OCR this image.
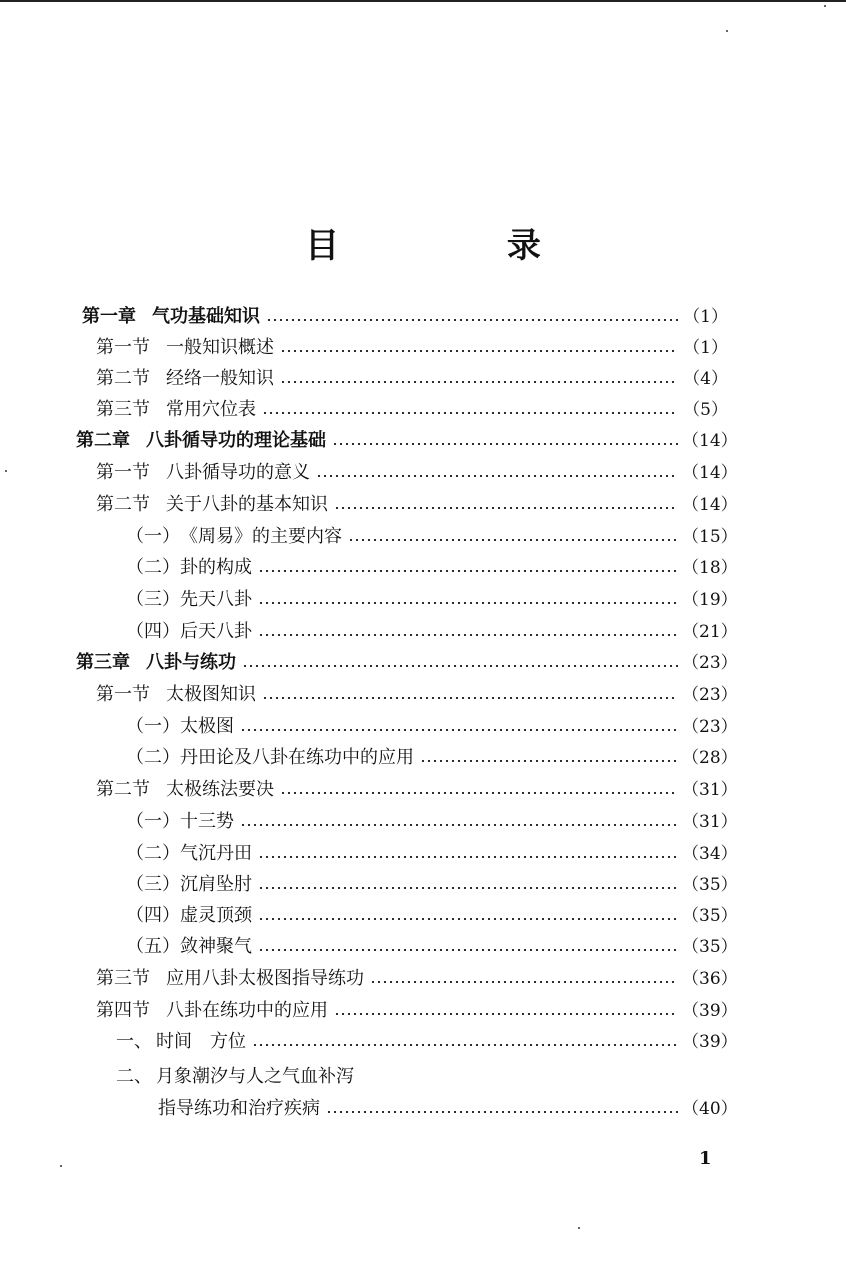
目 录
第一章 气功基础知识	（1）
第一节 一般知识概述	（1）
第二节 经络一般知识	（4）
第三节 常用穴位表	（5）
第二章 八卦循导功的理论基础	（14）
第一节 八卦循导功的意义	（14）
第二节 关于八卦的基本知识	（14）
（一）《周易》的主要内容	（15）
（二）卦的构成	（18）
（三）先天八卦	（19）
（四）后天八卦	（21）
第三章 八卦与练功	（23）
第一节 太极图知识	（23）
（一）太极图	（23）
（二）丹田论及八卦在练功中的应用	（28）
第二节 太极练法要决	（31）
（一）十三势	（31）
（二）气沉丹田	（34）
（三）沉肩坠肘	（35）
（四）虚灵顶颈	（35）
（五）敛神聚气	（35）
第三节 应用八卦太极图指导练功	（36）
第四节 八卦在练功中的应用	（39）
一、 时间　方位	（39）
二、 月象潮汐与人之气血补泻
指导练功和治疗疾病	（40）
1
